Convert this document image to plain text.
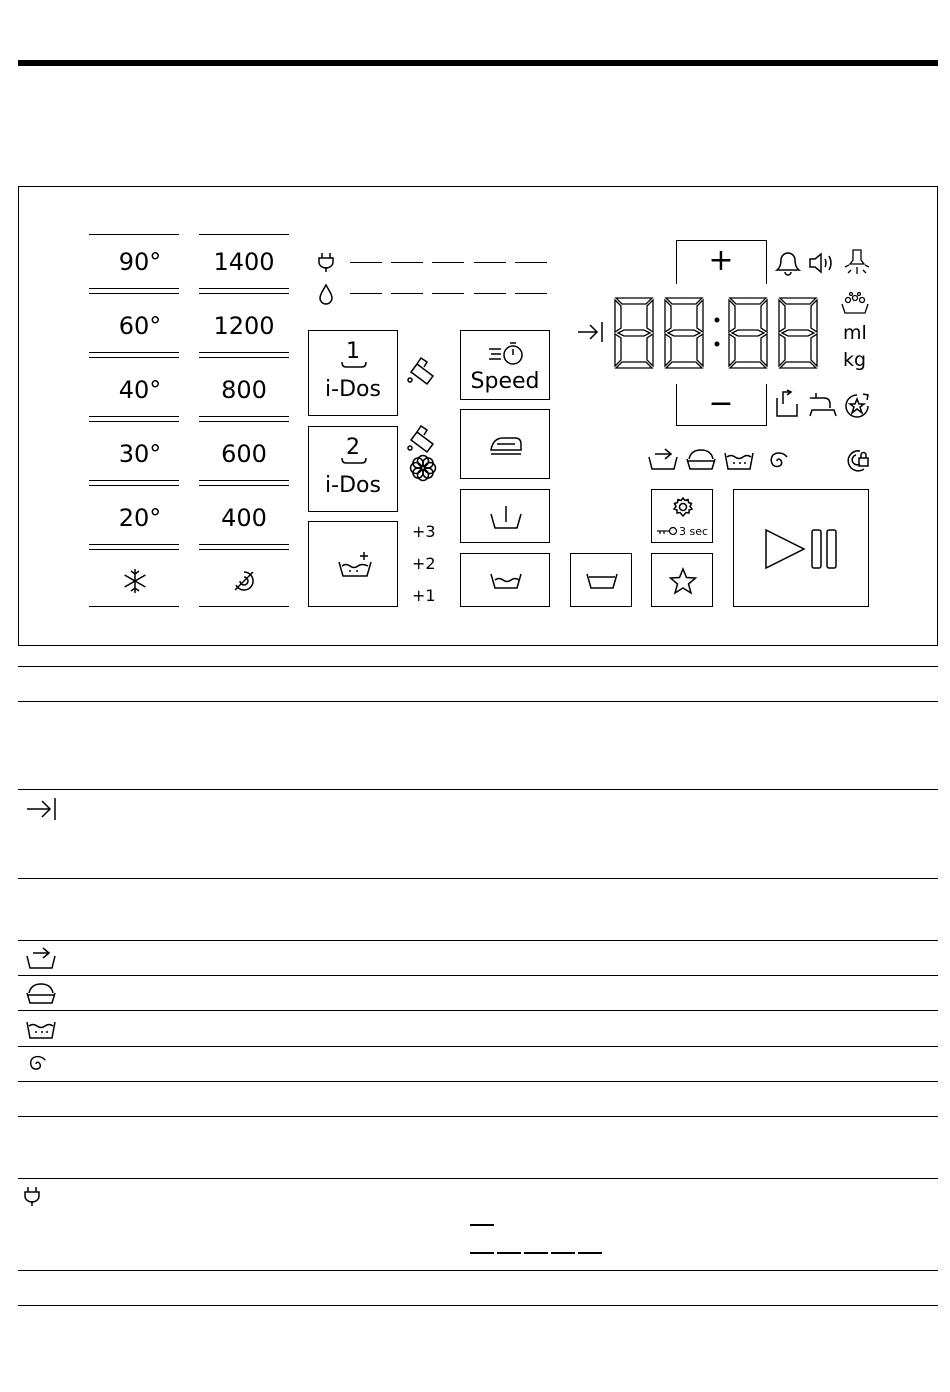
90°
60°
40°
30°
20°
1400
1200
800
600
400
1
i-Dos
2
i-Dos
+3
+2
+1
Speed
3 sec
+
−
ml
kg
